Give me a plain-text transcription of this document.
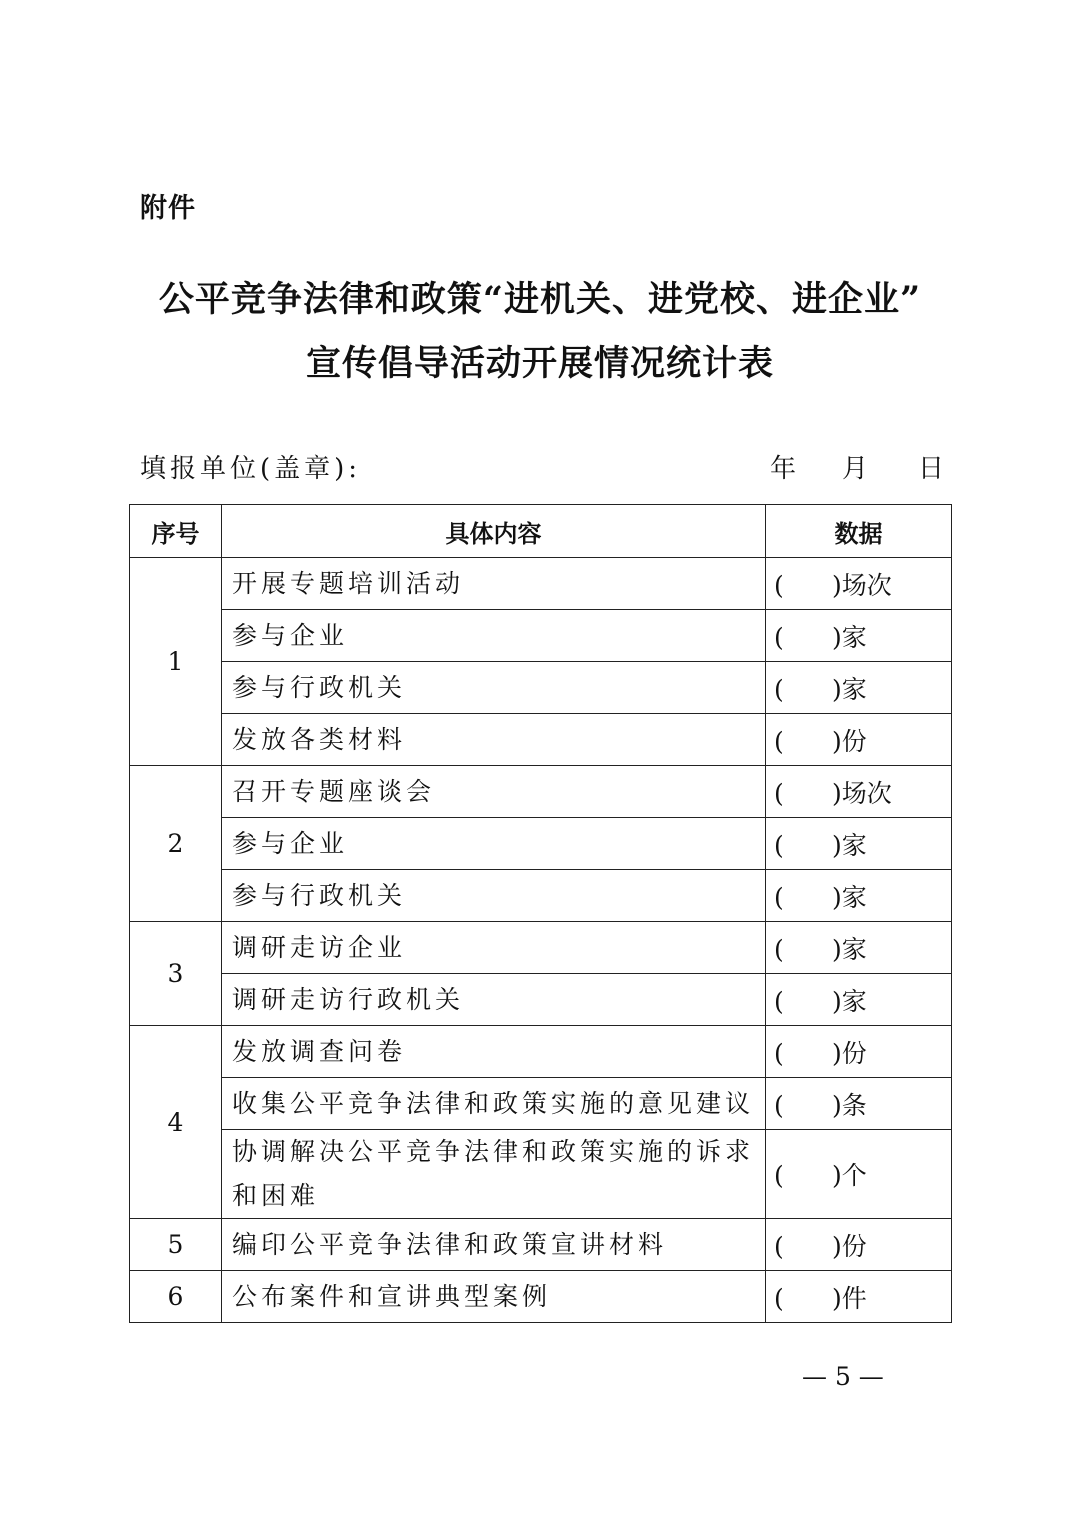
附件
公平竞争法律和政策“进机关、进党校、进企业”
宣传倡导活动开展情况统计表
填报单位(盖章):	年 月 日
序号	具体内容	数据
1	开展专题培训活动	( )场次
	参与企业	( )家
	参与行政机关	( )家
	发放各类材料	( )份
2	召开专题座谈会	( )场次
	参与企业	( )家
	参与行政机关	( )家
3	调研走访企业	( )家
	调研走访行政机关	( )家
4	发放调查问卷	( )份
	收集公平竞争法律和政策实施的意见建议	( )条
	协调解决公平竞争法律和政策实施的诉求和困难	( )个
5	编印公平竞争法律和政策宣讲材料	( )份
6	公布案件和宣讲典型案例	( )件
— 5 —
